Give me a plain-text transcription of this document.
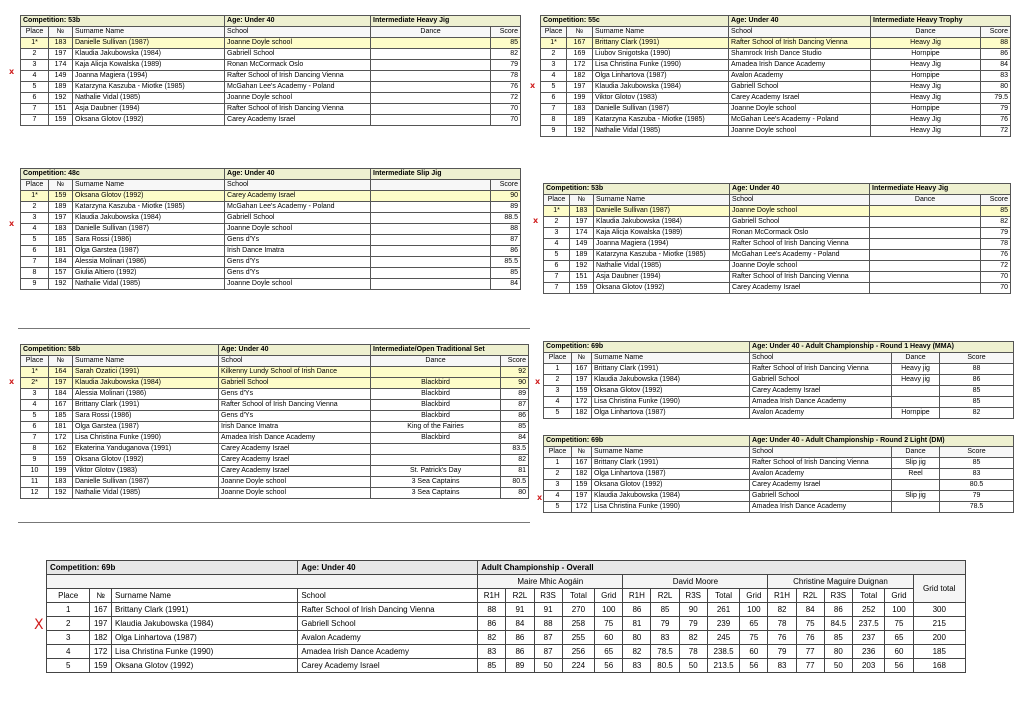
Competition: 53b			Age: Under 40	Intermediate Heavy Jig	
Place	№	Surname Name	School	Dance	Score
1*	183	Danielle Sullivan (1987)	Joanne Doyle school		85
2	197	Klaudia Jakubowska (1984)	Gabriell School		82
3	174	Kaja Alicja Kowalska (1989)	Ronan McCormack Oslo		79
4	149	Joanna Magiera (1994)	Rafter School of Irish Dancing Vienna		78
5	189	Katarzyna Kaszuba - Miotke (1985)	McGahan Lee's Academy - Poland		76
6	192	Nathalie Vidal (1985)	Joanne Doyle school		72
7	151	Asja Daubner (1994)	Rafter School of Irish Dancing Vienna		70
7	159	Oksana Glotov (1992)	Carey Academy Israel		70
x
Competition: 55c			Age: Under 40	Intermediate Heavy Trophy	
Place	№	Surname Name	School	Dance	Score
1*	167	Brittany Clark (1991)	Rafter School of Irish Dancing Vienna	Heavy Jig	88
2	169	Liubov Snigotska (1990)	Shamrock Irish Dance Studio	Hornpipe	86
3	172	Lisa Christina Funke (1990)	Amadea Irish Dance Academy	Heavy Jig	84
4	182	Olga Linhartova (1987)	Avalon Academy	Hornpipe	83
5	197	Klaudia Jakubowska (1984)	Gabriell School	Heavy Jig	80
6	199	Viktor Glotov (1983)	Carey Academy Israel	Heavy Jig	79.5
7	183	Danielle Sullivan (1987)	Joanne Doyle school	Hornpipe	79
8	189	Katarzyna Kaszuba - Miotke (1985)	McGahan Lee's Academy - Poland	Heavy Jig	76
9	192	Nathalie Vidal (1985)	Joanne Doyle school	Heavy Jig	72
x
Competition: 48c			Age: Under 40	Intermediate Slip Jig	
Place	№	Surname Name	School		Score
1*	159	Oksana Glotov (1992)	Carey Academy Israel		90
2	189	Katarzyna Kaszuba - Miotke (1985)	McGahan Lee's Academy - Poland		89
3	197	Klaudia Jakubowska (1984)	Gabriell School		88.5
4	183	Danielle Sullivan (1987)	Joanne Doyle school		88
5	185	Sara Rossi (1986)	Gens d'Ys		87
6	181	Olga Garstea (1987)	Irish Dance Imatra		86
7	184	Alessia Molinari (1986)	Gens d'Ys		85.5
8	157	Giulia Altiero (1992)	Gens d'Ys		85
9	192	Nathalie Vidal (1985)	Joanne Doyle school		84
x
Competition: 53b			Age: Under 40	Intermediate Heavy Jig	
Place	№	Surname Name	School	Dance	Score
1*	183	Danielle Sullivan (1987)	Joanne Doyle school		85
2	197	Klaudia Jakubowska (1984)	Gabriell School		82
3	174	Kaja Alicja Kowalska (1989)	Ronan McCormack Oslo		79
4	149	Joanna Magiera (1994)	Rafter School of Irish Dancing Vienna		78
5	189	Katarzyna Kaszuba - Miotke (1985)	McGahan Lee's Academy - Poland		76
6	192	Nathalie Vidal (1985)	Joanne Doyle school		72
7	151	Asja Daubner (1994)	Rafter School of Irish Dancing Vienna		70
7	159	Oksana Glotov (1992)	Carey Academy Israel		70
x
Competition: 58b			Age: Under 40	Intermediate/Open Traditional Set	
Place	№	Surname Name	School	Dance	Score
1*	164	Sarah Ozatici (1991)	Kilkenny Lundy School of Irish Dance		92
2*	197	Klaudia Jakubowska (1984)	Gabriell School	Blackbird	90
3	184	Alessia Molinari (1986)	Gens d'Ys	Blackbird	89
4	167	Brittany Clark (1991)	Rafter School of Irish Dancing Vienna	Blackbird	87
5	185	Sara Rossi (1986)	Gens d'Ys	Blackbird	86
6	181	Olga Garstea (1987)	Irish Dance Imatra	King of the Fairies	85
7	172	Lisa Christina Funke (1990)	Amadea Irish Dance Academy	Blackbird	84
8	162	Ekaterina Yanduganova (1991)	Carey Academy Israel		83.5
9	159	Oksana Glotov (1992)	Carey Academy Israel		82
10	199	Viktor Glotov (1983)	Carey Academy Israel	St. Patrick's Day	81
11	183	Danielle Sullivan (1987)	Joanne Doyle school	3 Sea Captains	80.5
12	192	Nathalie Vidal (1985)	Joanne Doyle school	3 Sea Captains	80
x
Competition: 69b			Age: Under 40 - Adult Championship - Round 1 Heavy (MMA)		
Place	№	Surname Name	School	Dance	Score
1	167	Brittany Clark (1991)	Rafter School of Irish Dancing Vienna	Heavy jig	88
2	197	Klaudia Jakubowska (1984)	Gabriell School	Heavy jig	86
3	159	Oksana Glotov (1992)	Carey Academy Israel		85
4	172	Lisa Christina Funke (1990)	Amadea Irish Dance Academy		85
5	182	Olga Linhartova (1987)	Avalon Academy	Hornpipe	82
x
Competition: 69b			Age: Under 40 - Adult Championship - Round 2 Light (DM)		
Place	№	Surname Name	School	Dance	Score
1	167	Brittany Clark (1991)	Rafter School of Irish Dancing Vienna	Slip jig	85
2	182	Olga Linhartova (1987)	Avalon Academy	Reel	83
3	159	Oksana Glotov (1992)	Carey Academy Israel		80.5
4	197	Klaudia Jakubowska (1984)	Gabriell School	Slip jig	79
5	172	Lisa Christina Funke (1990)	Amadea Irish Dance Academy		78.5
x
Competition: 69b			Age: Under 40	Adult Championship - Overall															
				Maire Mhic Aogáin					David Moore					Christine Maguire Duignan					Grid total
Place	№	Surname Name	School	R1H	R2L	R3S	Total	Grid	R1H	R2L	R3S	Total	Grid	R1H	R2L	R3S	Total	Grid	
1	167	Brittany Clark (1991)	Rafter School of Irish Dancing Vienna	88	91	91	270	100	86	85	90	261	100	82	84	86	252	100	300
2	197	Klaudia Jakubowska (1984)	Gabriell School	86	84	88	258	75	81	79	79	239	65	78	75	84.5	237.5	75	215
3	182	Olga Linhartova (1987)	Avalon Academy	82	86	87	255	60	80	83	82	245	75	76	76	85	237	65	200
4	172	Lisa Christina Funke (1990)	Amadea Irish Dance Academy	83	86	87	256	65	82	78.5	78	238.5	60	79	77	80	236	60	185
5	159	Oksana Glotov (1992)	Carey Academy Israel	85	89	50	224	56	83	80.5	50	213.5	56	83	77	50	203	56	168
X
